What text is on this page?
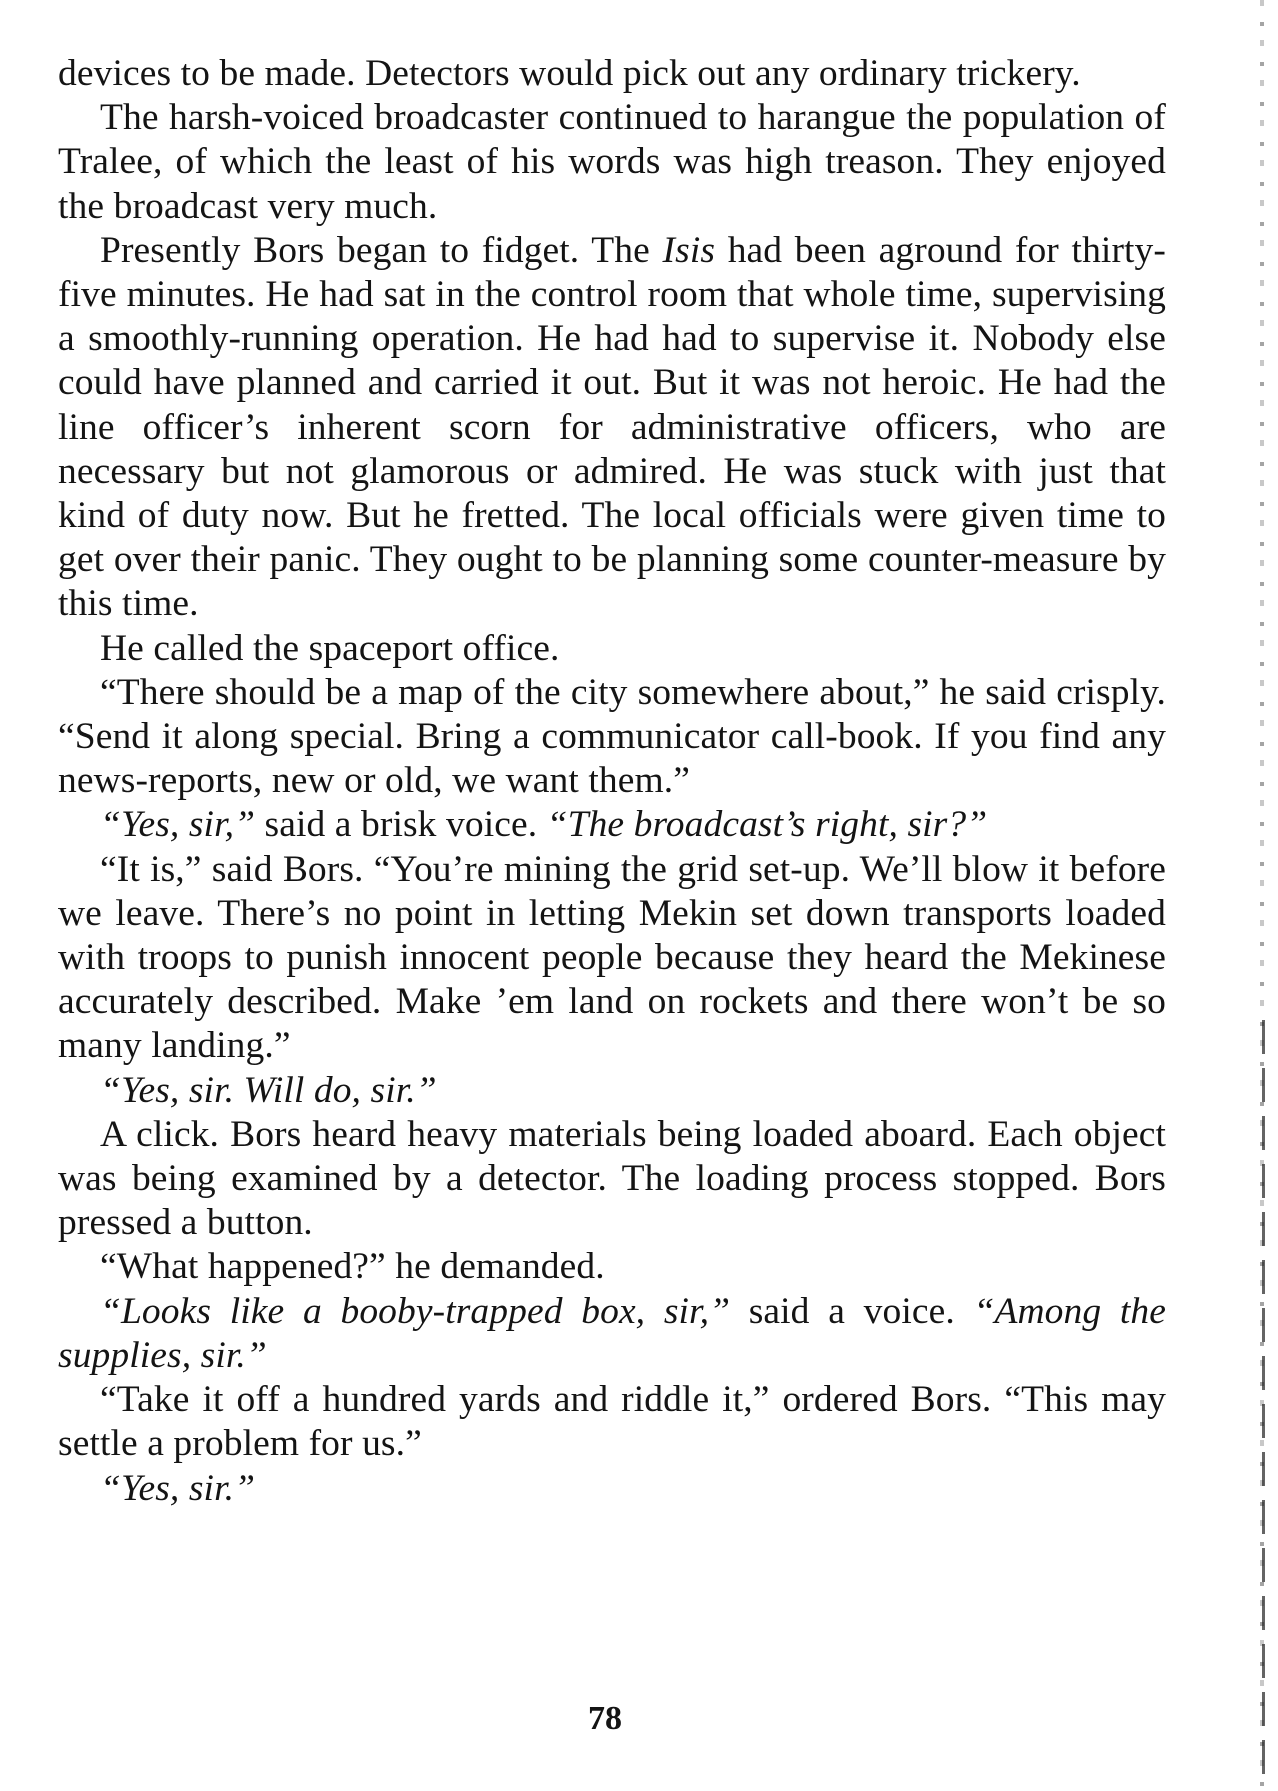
devices to be made. Detectors would pick out any ordinary trickery.

The harsh-voiced broadcaster continued to harangue the population of Tralee, of which the least of his words was high treason. They enjoyed the broadcast very much.

Presently Bors began to fidget. The Isis had been aground for thirty-five minutes. He had sat in the control room that whole time, supervising a smoothly-running operation. He had had to supervise it. Nobody else could have planned and carried it out. But it was not heroic. He had the line officer’s inherent scorn for administrative officers, who are necessary but not glamorous or admired. He was stuck with just that kind of duty now. But he fretted. The local officials were given time to get over their panic. They ought to be planning some counter-measure by this time.

He called the spaceport office.

“There should be a map of the city somewhere about,” he said crisply. “Send it along special. Bring a communicator call-book. If you find any news-reports, new or old, we want them.”

“Yes, sir,” said a brisk voice. “The broadcast’s right, sir?”

“It is,” said Bors. “You’re mining the grid set-up. We’ll blow it before we leave. There’s no point in letting Mekin set down transports loaded with troops to punish innocent people because they heard the Mekinese accurately described. Make ’em land on rockets and there won’t be so many landing.”

“Yes, sir. Will do, sir.”

A click. Bors heard heavy materials being loaded aboard. Each object was being examined by a detector. The loading process stopped. Bors pressed a button.

“What happened?” he demanded.

“Looks like a booby-trapped box, sir,” said a voice. “Among the supplies, sir.”

“Take it off a hundred yards and riddle it,” ordered Bors. “This may settle a problem for us.”

“Yes, sir.”

78
